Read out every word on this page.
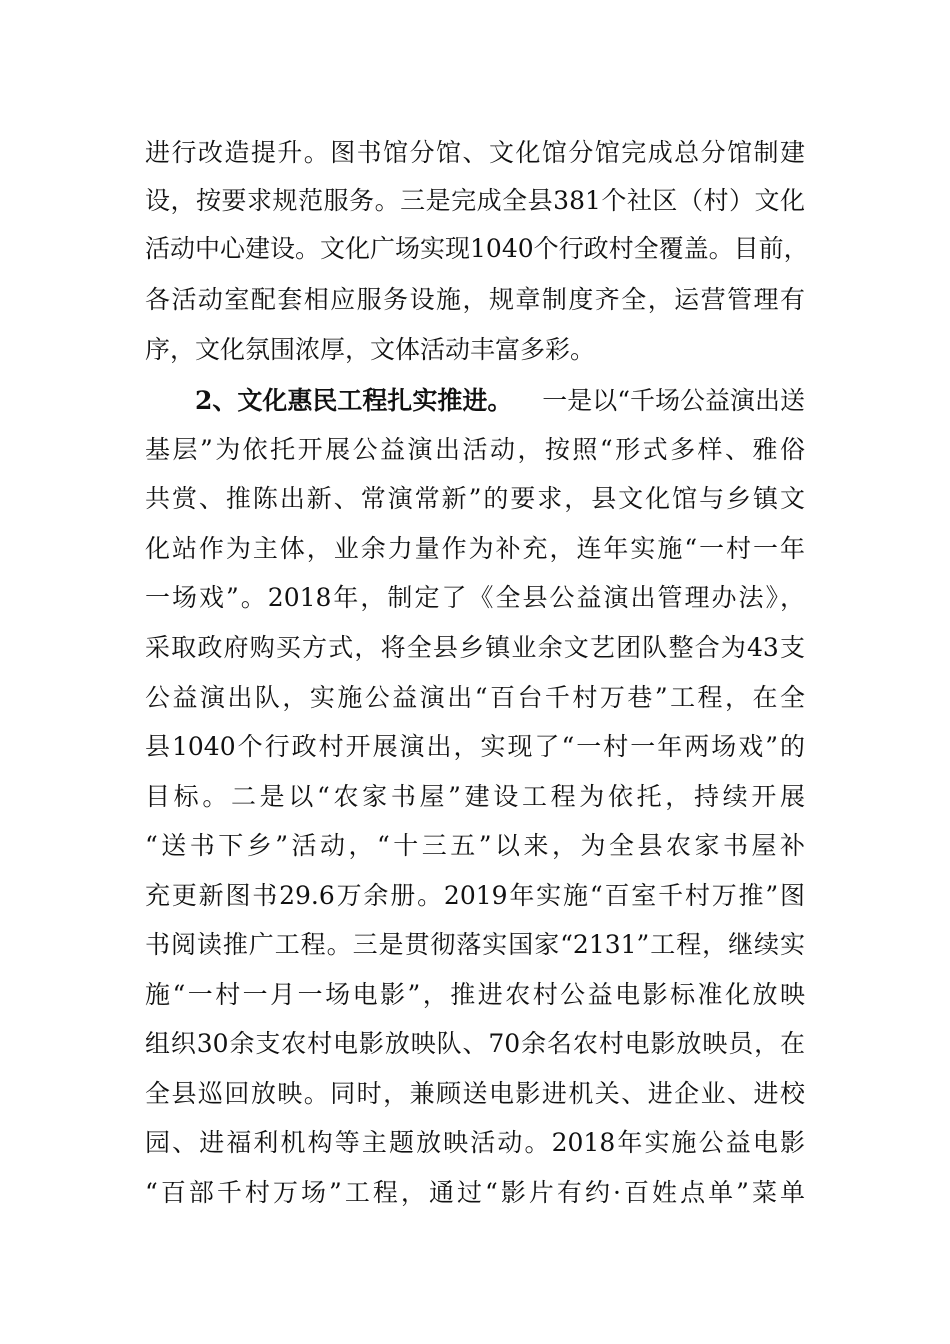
进行改造提升。图书馆分馆、文化馆分馆完成总分馆制建
设，按要求规范服务。三是完成全县381个社区（村）文化
活动中心建设。文化广场实现1040个行政村全覆盖。目前，
各活动室配套相应服务设施，规章制度齐全，运营管理有
序，文化氛围浓厚，文体活动丰富多彩。
2、文化惠民工程扎实推进。 一是以“千场公益演出送
基层”为依托开展公益演出活动，按照“形式多样、雅俗
共赏、推陈出新、常演常新”的要求，县文化馆与乡镇文
化站作为主体，业余力量作为补充，连年实施“一村一年
一场戏”。2018年，制定了《全县公益演出管理办法》，
采取政府购买方式，将全县乡镇业余文艺团队整合为43支
公益演出队，实施公益演出“百台千村万巷”工程，在全
县1040个行政村开展演出，实现了“一村一年两场戏”的
目标。二是以“农家书屋”建设工程为依托，持续开展
“送书下乡”活动，“十三五”以来，为全县农家书屋补
充更新图书29.6万余册。2019年实施“百室千村万推”图
书阅读推广工程。三是贯彻落实国家“2131”工程，继续实
施“一村一月一场电影”，推进农村公益电影标准化放映
组织30余支农村电影放映队、70余名农村电影放映员，在
全县巡回放映。同时，兼顾送电影进机关、进企业、进校
园、进福利机构等主题放映活动。2018年实施公益电影
“百部千村万场”工程，通过“影片有约·百姓点单”菜单
